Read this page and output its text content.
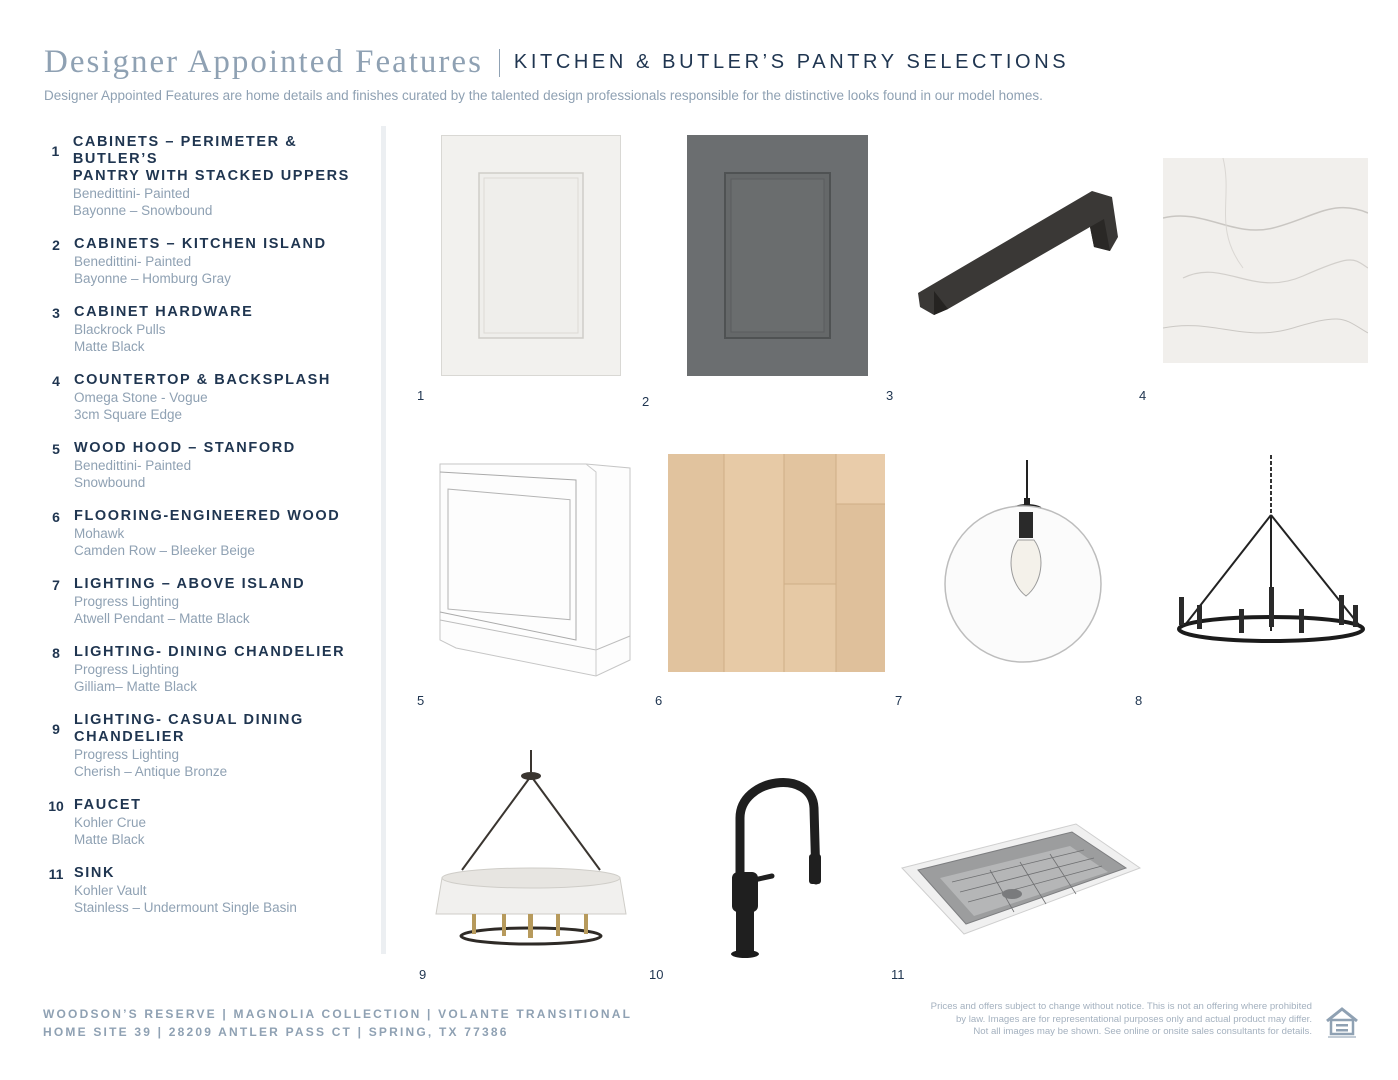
Designer Appointed Features KITCHEN & BUTLER’S PANTRY SELECTIONS
Designer Appointed Features are home details and finishes curated by the talented design professionals responsible for the distinctive looks found in our model homes.
1
CABINETS – PERIMETER & BUTLER’S
PANTRY WITH STACKED UPPERS
Benedittini- Painted
Bayonne – Snowbound
2 CABINETS – KITCHEN ISLAND
Benedittini- Painted
Bayonne – Homburg Gray
3 CABINET HARDWARE
Blackrock Pulls
Matte Black
4 COUNTERTOP & BACKSPLASH
Omega Stone - Vogue
3cm Square Edge
5 WOOD HOOD – STANFORD
Benedittini- Painted
Snowbound
6 FLOORING-ENGINEERED WOOD
Mohawk
Camden Row – Bleeker Beige
7 LIGHTING – ABOVE ISLAND
Progress Lighting
Atwell Pendant – Matte Black
8 LIGHTING- DINING CHANDELIER
Progress Lighting
Gilliam– Matte Black
9
LIGHTING- CASUAL DINING
CHANDELIER
Progress Lighting
Cherish – Antique Bronze
10 FAUCET
Kohler Crue
Matte Black
11 SINK
Kohler Vault
Stainless – Undermount Single Basin
1	2	3	4
5	6	7	8
9	10	11
WOODSON’S RESERVE | MAGNOLIA COLLECTION | VOLANTE TRANSITIONAL
HOME SITE 39 | 28209 ANTLER PASS CT | SPRING, TX 77386
Prices and offers subject to change without notice. This is not an offering where prohibited
by law. Images are for representational purposes only and actual product may differ.
Not all images may be shown. See online or onsite sales consultants for details.
